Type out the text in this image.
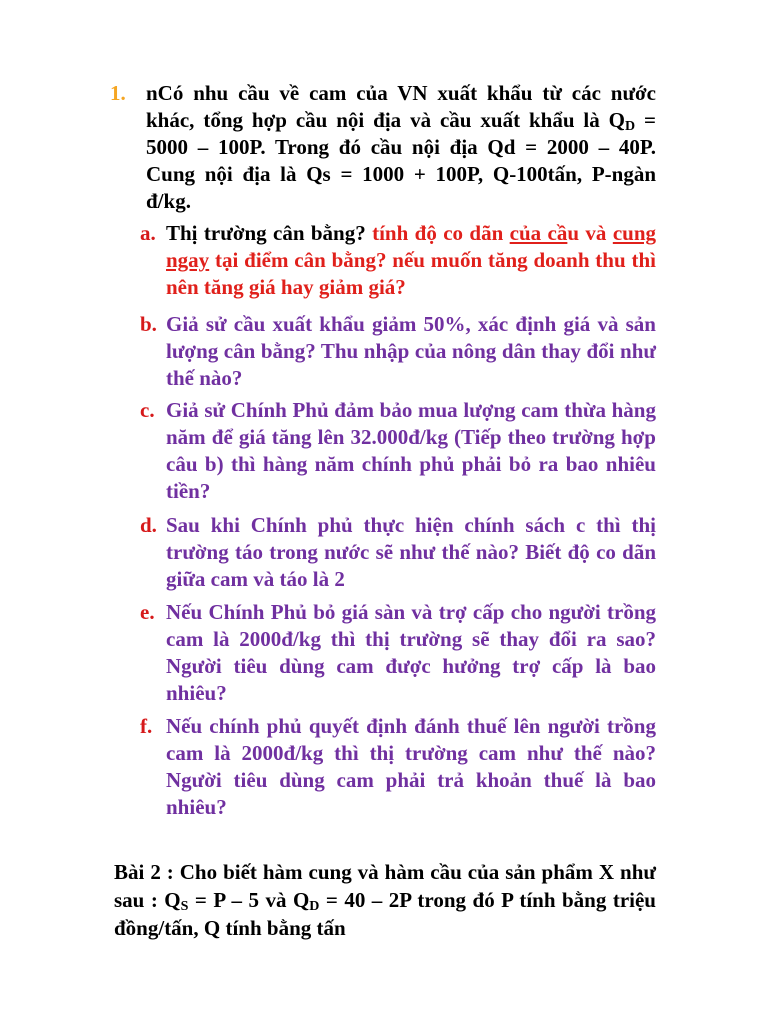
1. nCó nhu cầu về cam của VN xuất khẩu từ các nước khác, tổng hợp cầu nội địa và cầu xuất khẩu là $Q_D = 5000 - 100P$. Trong đó cầu nội địa Qd = 2000 – 40P. Cung nội địa là Qs = 1000 + 100P, Q-100tấn, P-ngàn đ/kg.
a. Thị trường cân bằng? tính độ co dãn của cầu và cung ngay tại điểm cân bằng? nếu muốn tăng doanh thu thì nên tăng giá hay giảm giá?
b. Giả sử cầu xuất khẩu giảm 50%, xác định giá và sản lượng cân bằng? Thu nhập của nông dân thay đổi như thế nào?
c. Giả sử Chính Phủ đảm bảo mua lượng cam thừa hàng năm để giá tăng lên 32.000đ/kg (Tiếp theo trường hợp câu b) thì hàng năm chính phủ phải bỏ ra bao nhiêu tiền?
d. Sau khi Chính phủ thực hiện chính sách c thì thị trường táo trong nước sẽ như thế nào? Biết độ co dãn giữa cam và táo là 2
e. Nếu Chính Phủ bỏ giá sàn và trợ cấp cho người trồng cam là 2000đ/kg thì thị trường sẽ thay đổi ra sao? Người tiêu dùng cam được hưởng trợ cấp là bao nhiêu?
f. Nếu chính phủ quyết định đánh thuế lên người trồng cam là 2000đ/kg thì thị trường cam như thế nào? Người tiêu dùng cam phải trả khoản thuế là bao nhiêu?
Bài 2 : Cho biết hàm cung và hàm cầu của sản phẩm X như sau : $Q_S = P - 5$ và $Q_D = 40 - 2P$ trong đó P tính bằng triệu đồng/tấn, Q tính bằng tấn
